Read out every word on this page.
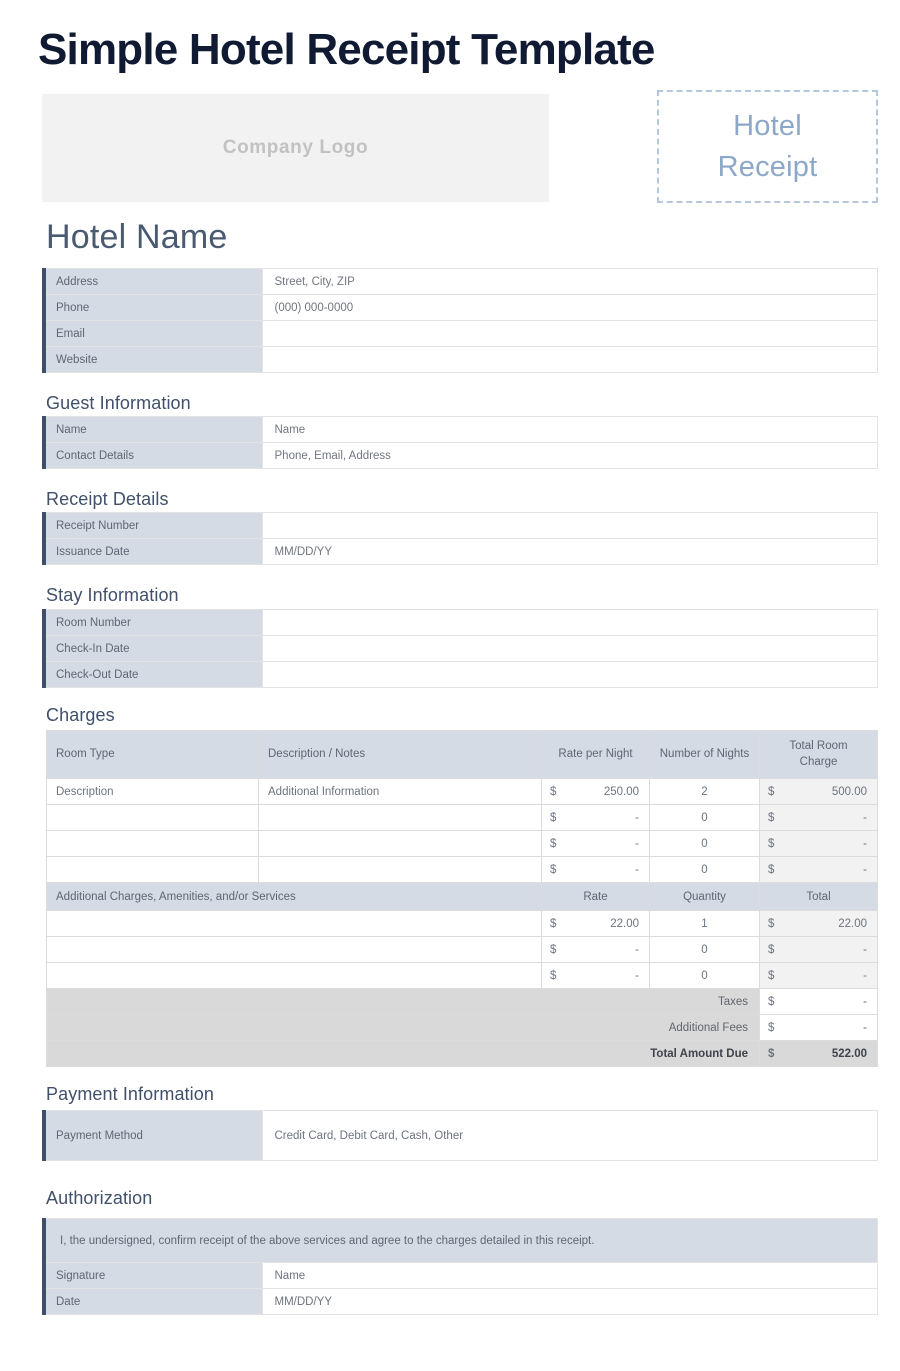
Simple Hotel Receipt Template
Company Logo
Hotel
Receipt
Hotel Name
Address	Street, City, ZIP
Phone	(000) 000-0000
Email	
Website	
Guest Information
Name	Name
Contact Details	Phone, Email, Address
Receipt Details
Receipt Number	
Issuance Date	MM/DD/YY
Stay Information
Room Number	
Check-In Date	
Check-Out Date	
Charges
Room Type	Description / Notes	Rate per Night	Number of Nights	Total Room Charge
Description	Additional Information	$ 250.00	2	$ 500.00

		$ -	0	$ -

		$ -	0	$ -

		$ -	0	$ -
Additional Charges, Amenities, and/or Services		Rate	Quantity	Total

		$ 22.00	1	$ 22.00

		$ -	0	$ -

		$ -	0	$ -
Taxes				$ -
Additional Fees				$ -
Total Amount Due				$ 522.00
Payment Information
Payment Method	Credit Card, Debit Card, Cash, Other
Authorization
I, the undersigned, confirm receipt of the above services and agree to the charges detailed in this receipt.	
Signature	Name
Date	MM/DD/YY
